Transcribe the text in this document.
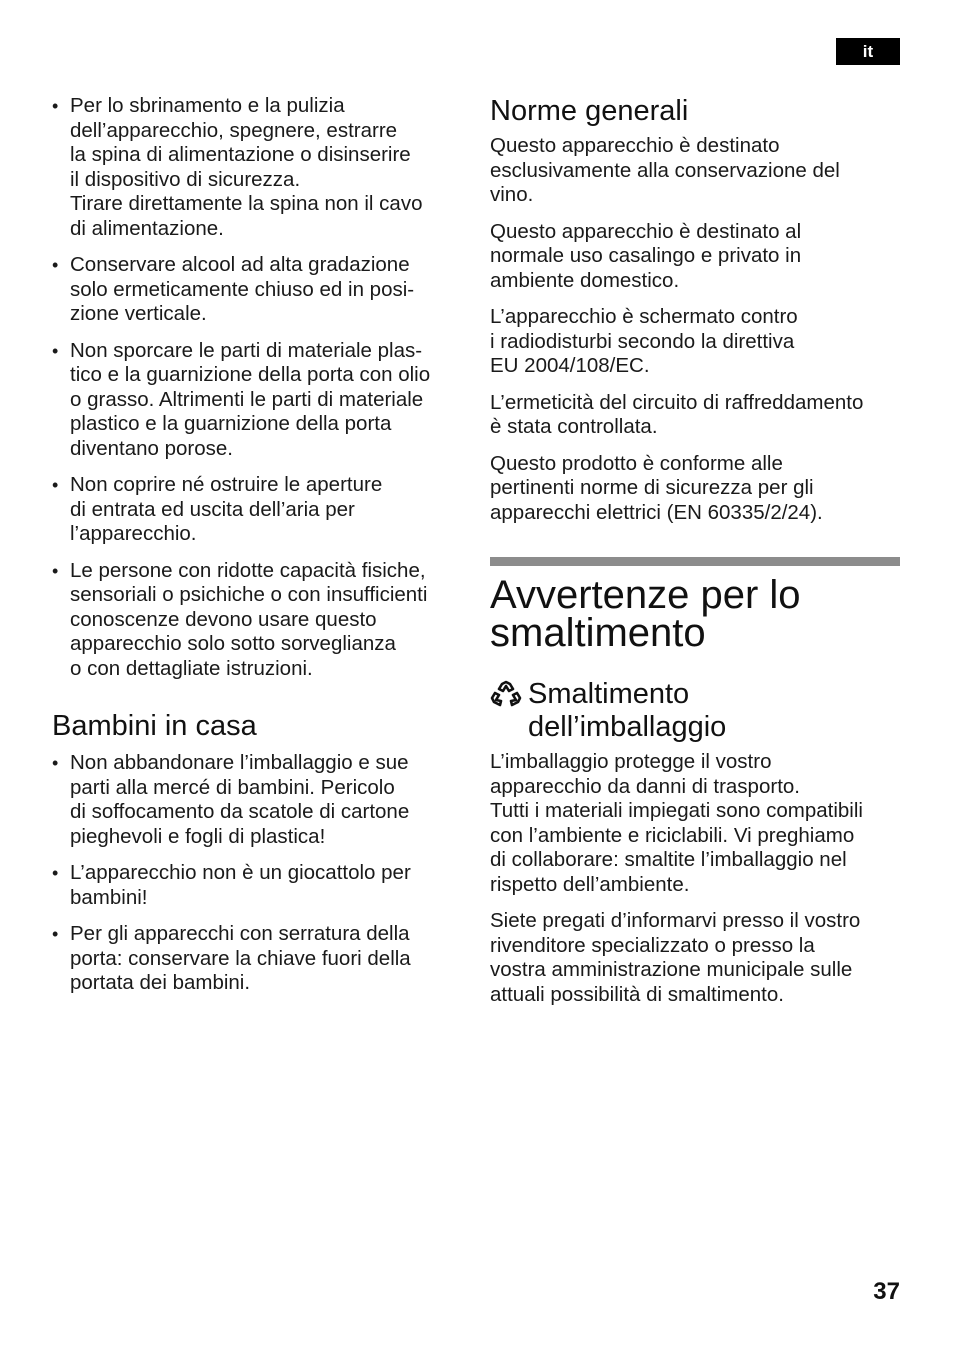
it
• Per lo sbrinamento e la pulizia
dell’apparecchio, spegnere, estrarre
la spina di alimentazione o disinserire
il dispositivo di sicurezza.
Tirare direttamente la spina non il cavo
di alimentazione.
• Conservare alcool ad alta gradazione
solo ermeticamente chiuso ed in posi-
zione verticale.
• Non sporcare le parti di materiale plas-
tico e la guarnizione della porta con olio
o grasso. Altrimenti le parti di materiale
plastico e la guarnizione della porta
diventano porose.
• Non coprire né ostruire le aperture
di entrata ed uscita dell’aria per
l’apparecchio.
• Le persone con ridotte capacità fisiche,
sensoriali o psichiche o con insufficienti
conoscenze devono usare questo
apparecchio solo sotto sorveglianza
o con dettagliate istruzioni.
Bambini in casa
• Non abbandonare l’imballaggio e sue
parti alla mercé di bambini. Pericolo
di soffocamento da scatole di cartone
pieghevoli e fogli di plastica!
• L’apparecchio non è un giocattolo per
bambini!
• Per gli apparecchi con serratura della
porta: conservare la chiave fuori della
portata dei bambini.
Norme generali

Questo apparecchio è destinato
esclusivamente alla conservazione del
vino.

Questo apparecchio è destinato al
normale uso casalingo e privato in
ambiente domestico.

L’apparecchio è schermato contro
i radiodisturbi secondo la direttiva
EU 2004/108/EC.

L’ermeticità del circuito di raffreddamento
è stata controllata.

Questo prodotto è conforme alle
pertinenti norme di sicurezza per gli
apparecchi elettrici (EN 60335/2/24).

Avvertenze per lo
smaltimento
Smaltimento
dell’imballaggio

L’imballaggio protegge il vostro
apparecchio da danni di trasporto.
Tutti i materiali impiegati sono compatibili
con l’ambiente e riciclabili. Vi preghiamo
di collaborare: smaltite l’imballaggio nel
rispetto dell’ambiente.

Siete pregati d’informarvi presso il vostro
rivenditore specializzato o presso la
vostra amministrazione municipale sulle
attuali possibilità di smaltimento.

37
